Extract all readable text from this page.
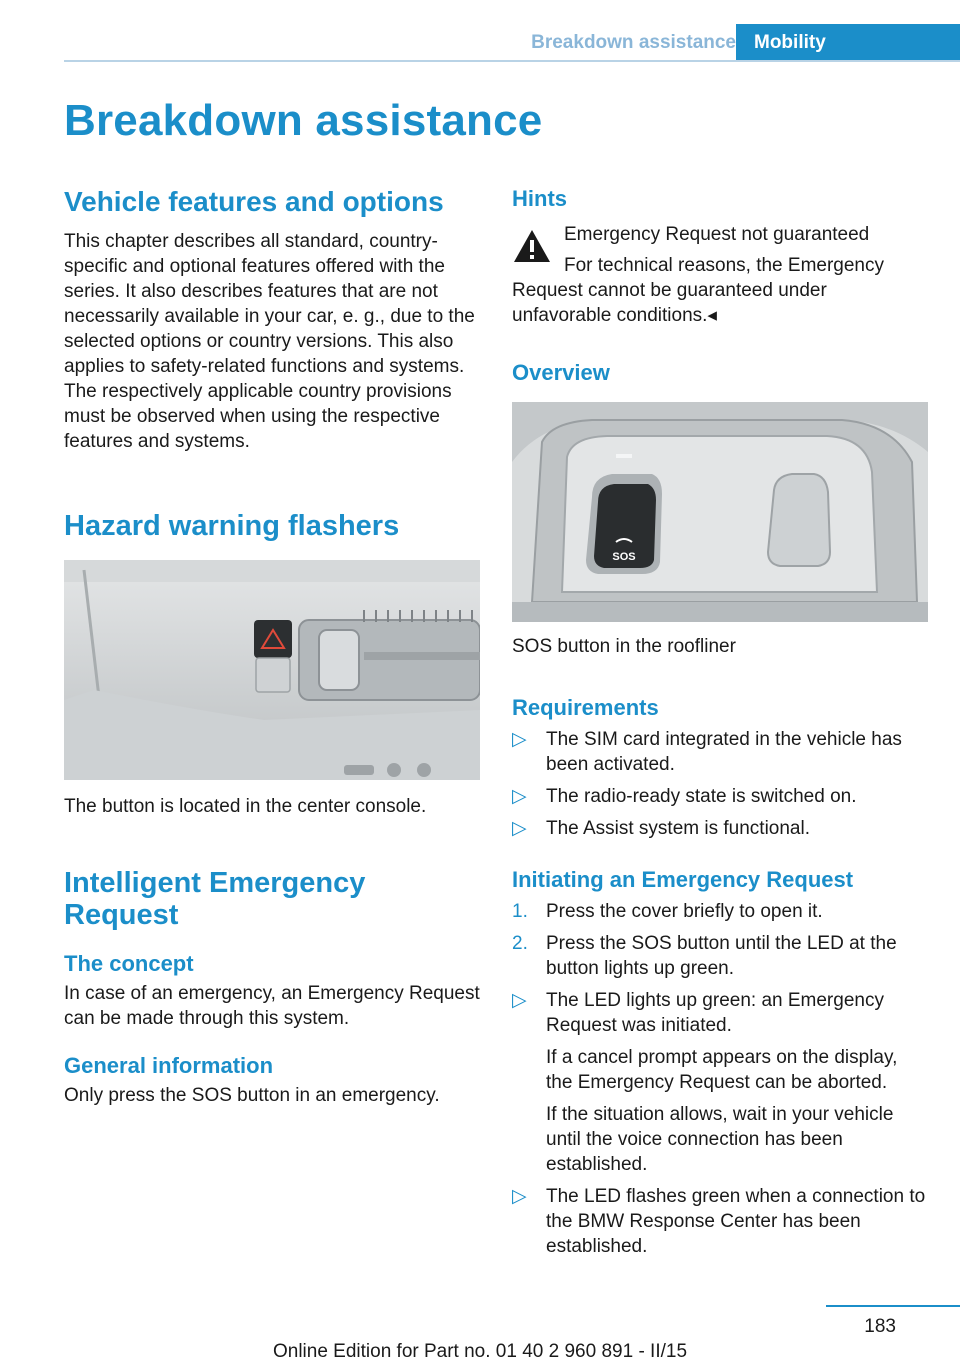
Breakdown assistance Mobility
Breakdown assistance
Vehicle features and options

This chapter describes all standard, country-specific and optional features offered with the series. It also describes features that are not necessarily available in your car, e. g., due to the selected options or country versions. This also applies to safety-related functions and systems. The respectively applicable country provisions must be observed when using the respective features and systems.

Hazard warning flashers

The button is located in the center console.

Intelligent Emergency Request
The concept

In case of an emergency, an Emergency Request can be made through this system.

General information

Only press the SOS button in an emergency.

Hints

Emergency Request not guaranteed

For technical reasons, the Emergency Request cannot be guaranteed under unfavorable conditions.◂

Overview
SOS

SOS button in the roofliner

Requirements
▷ The SIM card integrated in the vehicle has been activated.
▷ The radio-ready state is switched on.
▷ The Assist system is functional.
Initiating an Emergency Request
1. Press the cover briefly to open it.
2. Press the SOS button until the LED at the button lights up green.
▷ The LED lights up green: an Emergency Request was initiated.
If a cancel prompt appears on the display, the Emergency Request can be aborted.
If the situation allows, wait in your vehicle until the voice connection has been established.
▷ The LED flashes green when a connection to the BMW Response Center has been established.
183
Online Edition for Part no. 01 40 2 960 891 - II/15
